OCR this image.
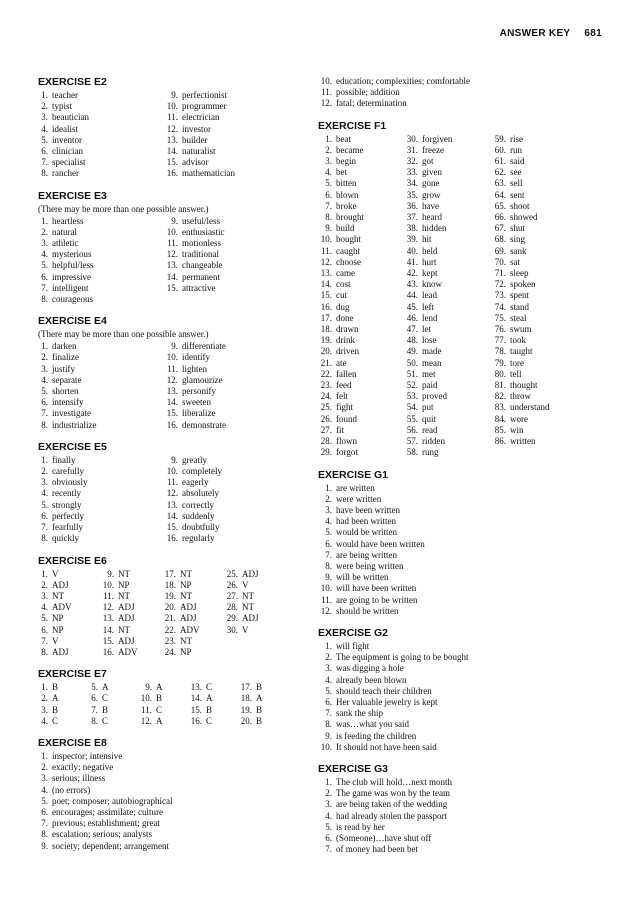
ANSWER KEY 681
EXERCISE E2
1. teacher
2. typist
3. beautician
4. idealist
5. inventor
6. clinician
7. specialist
8. rancher
9. perfectionist
10. programmer
11. electrician
12. investor
13. builder
14. naturalist
15. advisor
16. mathematician
EXERCISE E3
(There may be more than one possible answer.)
1. heartless
2. natural
3. athletic
4. mysterious
5. helpful/less
6. impressive
7. intelligent
8. courageous
9. useful/less
10. enthusiastic
11. motionless
12. traditional
13. changeable
14. permanent
15. attractive
EXERCISE E4
(There may be more than one possible answer.)
1. darken
2. finalize
3. justify
4. separate
5. shorten
6. intensify
7. investigate
8. industrialize
9. differentiate
10. identify
11. lighten
12. glamourize
13. personify
14. sweeten
15. liberalize
16. demonstrate
EXERCISE E5
1. finally
2. carefully
3. obviously
4. recently
5. strongly
6. perfectly
7. fearfully
8. quickly
9. greatly
10. completely
11. eagerly
12. absolutely
13. correctly
14. suddenly
15. doubtfully
16. regularly
EXERCISE E6
1. V
2. ADJ
3. NT
4. ADV
5. NP
6. NP
7. V
8. ADJ
9. NT
10. NP
11. NT
12. ADJ
13. ADJ
14. NT
15. ADJ
16. ADV
17. NT
18. NP
19. NT
20. ADJ
21. ADJ
22. ADV
23. NT
24. NP
25. ADJ
26. V
27. NT
28. NT
29. ADJ
30. V
EXERCISE E7
1. B
2. A
3. B
4. C
5. A
6. C
7. B
8. C
9. A
10. B
11. C
12. A
13. C
14. A
15. B
16. C
17. B
18. A
19. B
20. B
EXERCISE E8
1. inspector; intensive
2. exactly; negative
3. serious; illness
4. (no errors)
5. poet; composer; autobiographical
6. encourages; assimilate; culture
7. previous; establishment; great
8. escalation; serious; analysts
9. society; dependent; arrangement
10. education; complexities; comfortable
11. possible; addition
12. fatal; determination
EXERCISE F1
1. beat
2. became
3. begin
4. bet
5. bitten
6. blown
7. broke
8. brought
9. build
10. bought
11. caught
12. choose
13. came
14. cost
15. cut
16. dug
17. done
18. drawn
19. drink
20. driven
21. ate
22. fallen
23. feed
24. felt
25. fight
26. found
27. fit
28. flown
29. forgot
30. forgiven
31. freeze
32. got
33. given
34. gone
35. grow
36. have
37. heard
38. hidden
39. hit
40. held
41. hurt
42. kept
43. know
44. lead
45. left
46. lend
47. let
48. lose
49. made
50. mean
51. met
52. paid
53. proved
54. put
55. quit
56. read
57. ridden
58. rung
59. rise
60. run
61. said
62. see
63. sell
64. sent
65. shoot
66. showed
67. shut
68. sing
69. sank
70. sat
71. sleep
72. spoken
73. spent
74. stand
75. steal
76. swum
77. took
78. taught
79. tore
80. tell
81. thought
82. throw
83. understand
84. wore
85. win
86. written
EXERCISE G1
1. are written
2. were written
3. have been written
4. had been written
5. would be written
6. would have been written
7. are being written
8. were being written
9. will be written
10. will have been written
11. are going to be written
12. should be written
EXERCISE G2
1. will fight
2. The equipment is going to be bought
3. was digging a hole
4. already been blown
5. should teach their children
6. Her valuable jewelry is kept
7. sank the ship
8. was…what you said
9. is feeding the children
10. It should not have been said
EXERCISE G3
1. The club will hold…next month
2. The game was won by the team
3. are being taken of the wedding
4. had already stolen the passport
5. is read by her
6. (Someone)…have shut off
7. of money had been bet
